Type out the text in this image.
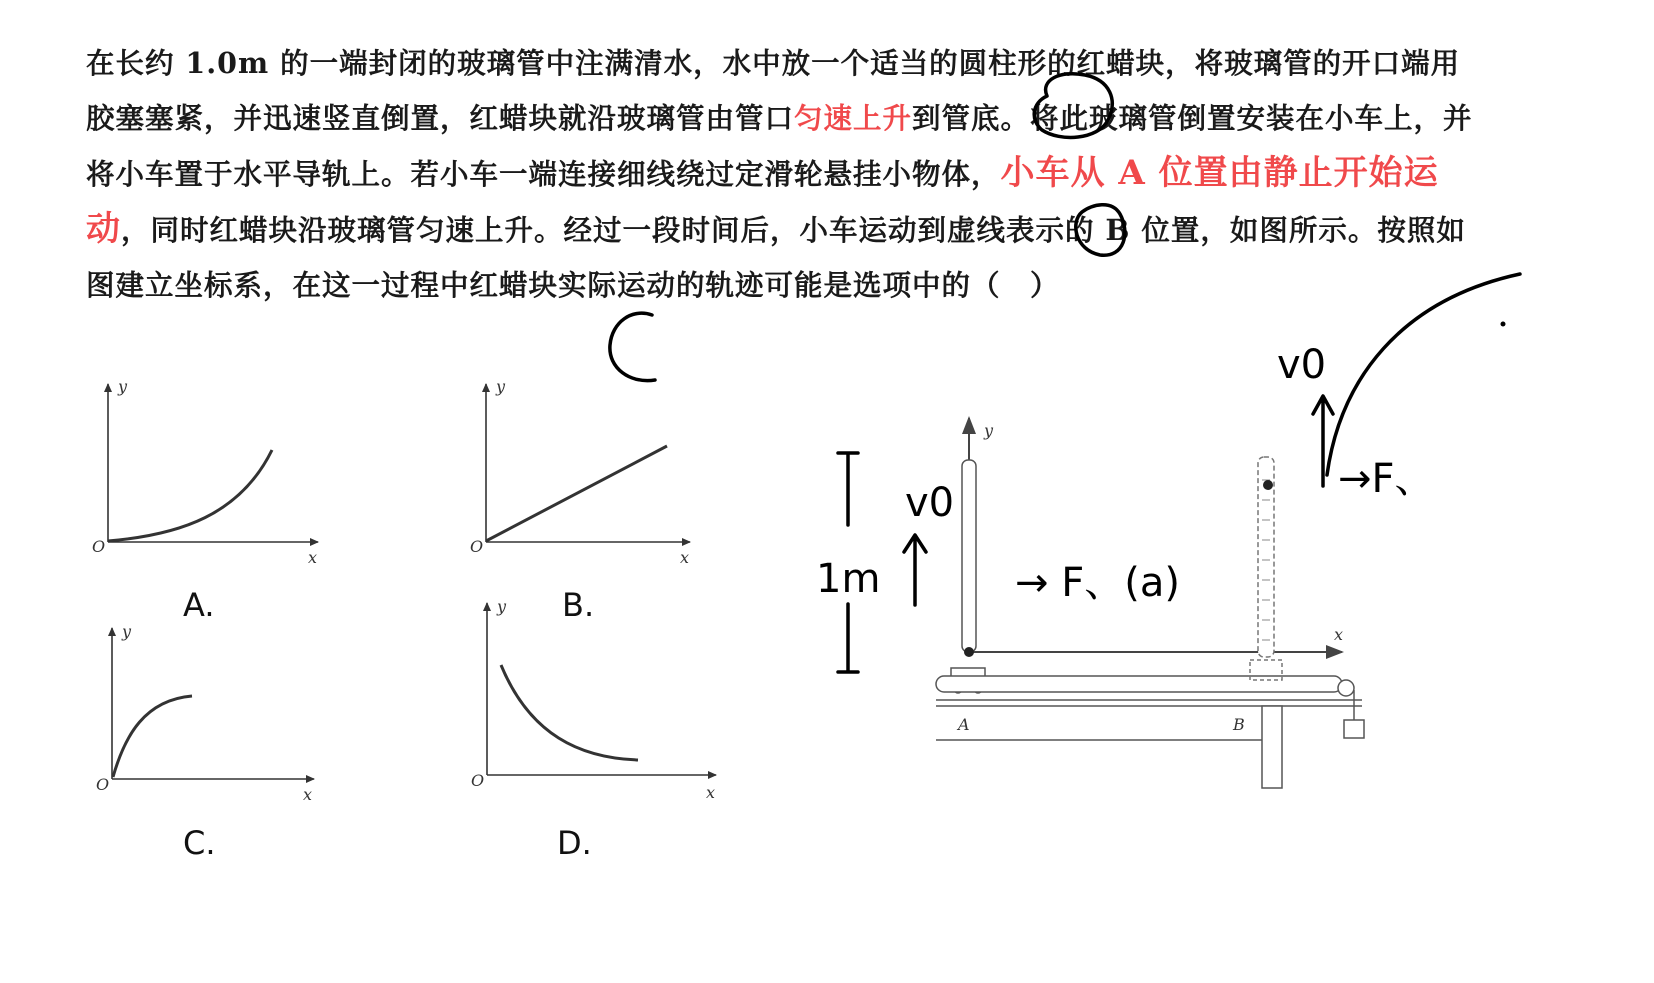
在长约 1.0m 的一端封闭的玻璃管中注满清水，水中放一个适当的圆柱形的红蜡块，将玻璃管的开口端用胶塞塞紧，并迅速竖直倒置，红蜡块就沿玻璃管由管口匀速上升到管底。将此玻璃管倒置安装在小车上，并将小车置于水平导轨上。若小车一端连接细线绕过定滑轮悬挂小物体，小车从 A 位置由静止开始运动，同时红蜡块沿玻璃管匀速上升。经过一段时间后，小车运动到虚线表示的 B 位置，如图所示。按照如图建立坐标系，在这一过程中红蜡块实际运动的轨迹可能是选项中的（　）
A.	B.
C.	D.
O
y
x
O
y
x
O
y
x
O
y
x
y
x
A	B
1m
v0
→ F、(a)
v0
→F、
